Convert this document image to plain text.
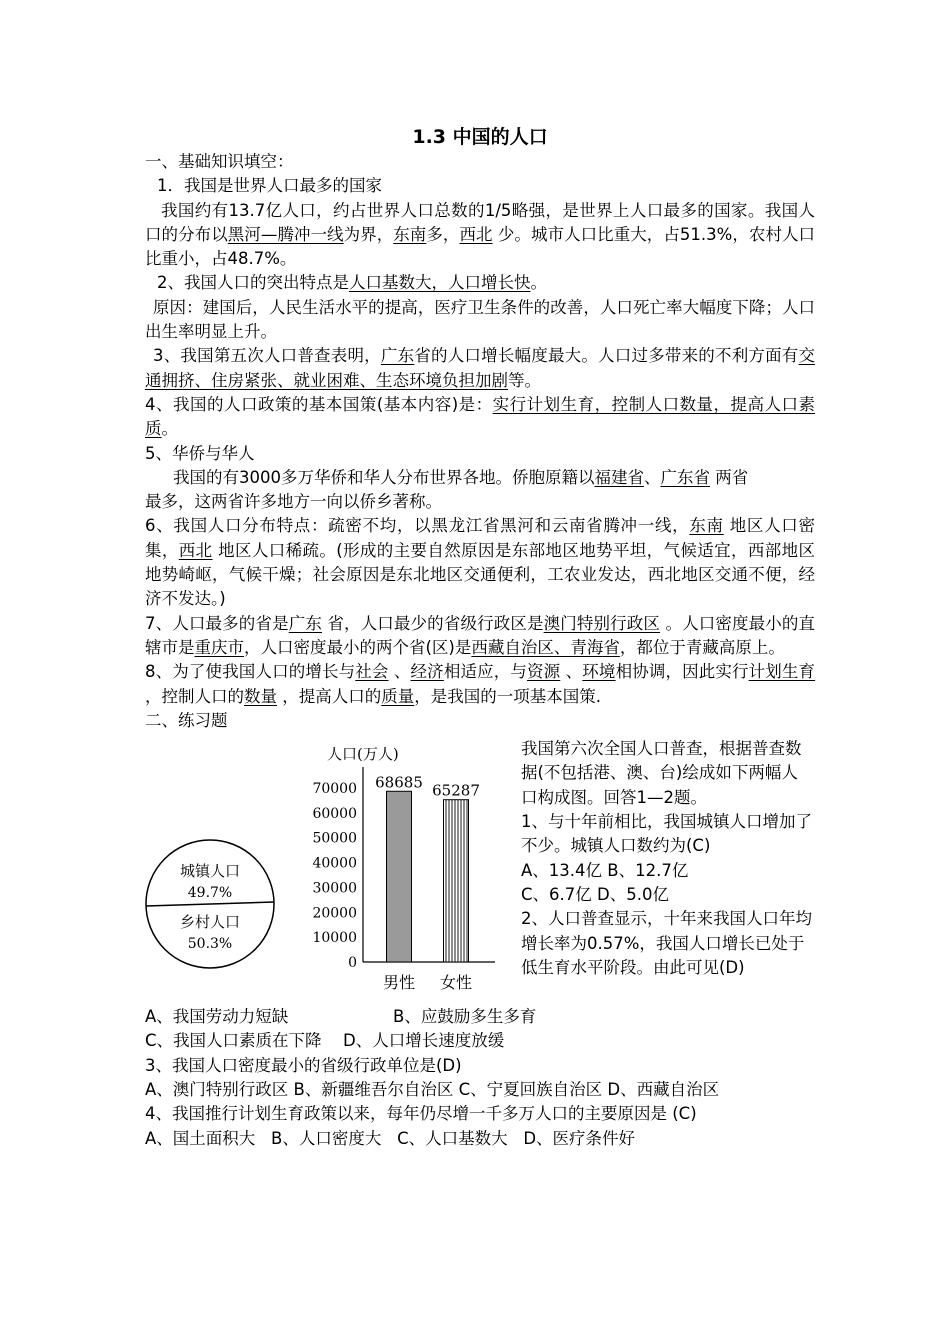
1.3 中国的人口
一、基础知识填空：
1．我国是世界人口最多的国家
我国约有13.7亿人口，约占世界人口总数的1/5略强，是世界上人口最多的国家。我国人口的分布以黑河—腾冲一线为界，东南多，西北 少。城市人口比重大，占51.3%，农村人口比重小，占48.7%。
2、我国人口的突出特点是人口基数大，人口增长快。
原因：建国后，人民生活水平的提高，医疗卫生条件的改善，人口死亡率大幅度下降；人口出生率明显上升。
3、我国第五次人口普查表明，广东省的人口增长幅度最大。人口过多带来的不利方面有交通拥挤、住房紧张、就业困难、生态环境负担加剧等。
4、我国的人口政策的基本国策(基本内容)是：实行计划生育，控制人口数量，提高人口素质。
5、华侨与华人
我国的有3000多万华侨和华人分布世界各地。侨胞原籍以福建省、广东省 两省
最多，这两省许多地方一向以侨乡著称。
6、我国人口分布特点：疏密不均，以黑龙江省黑河和云南省腾冲一线，东南 地区人口密集，西北 地区人口稀疏。(形成的主要自然原因是东部地区地势平坦，气候适宜，西部地区地势崎岖，气候干燥；社会原因是东北地区交通便利，工农业发达，西北地区交通不便，经济不发达。)
7、人口最多的省是广东 省，人口最少的省级行政区是澳门特别行政区 。人口密度最小的直辖市是重庆市，人口密度最小的两个省(区)是西藏自治区、青海省，都位于青藏高原上。
8、为了使我国人口的增长与社会 、经济相适应，与资源 、环境相协调，因此实行计划生育 ，控制人口的数量 ，提高人口的质量，是我国的一项基本国策.
二、练习题
城镇人口
49.7%
乡村人口
50.3%
人口(万人)
70000
60000
50000
40000
30000
20000
10000
0
68685
男性
65287
女性
我国第六次全国人口普查，根据普查数据(不包括港、澳、台)绘成如下两幅人口构成图。回答1—2题。
1、与十年前相比，我国城镇人口增加了不少。城镇人口数约为(C)
A、13.4亿 B、12.7亿
C、6.7亿 D、5.0亿
2、人口普查显示，十年来我国人口年均增长率为0.57%，我国人口增长已处于低生育水平阶段。由此可见(D)
A、我国劳动力短缺	B、应鼓励多生多育
C、我国人口素质在下降 D、人口增长速度放缓
3、我国人口密度最小的省级行政单位是(D)
A、澳门特别行政区 B、新疆维吾尔自治区 C、宁夏回族自治区 D、西藏自治区
4、我国推行计划生育政策以来，每年仍尽增一千多万人口的主要原因是 (C)
A、国土面积大   B、人口密度大   C、人口基数大   D、医疗条件好
